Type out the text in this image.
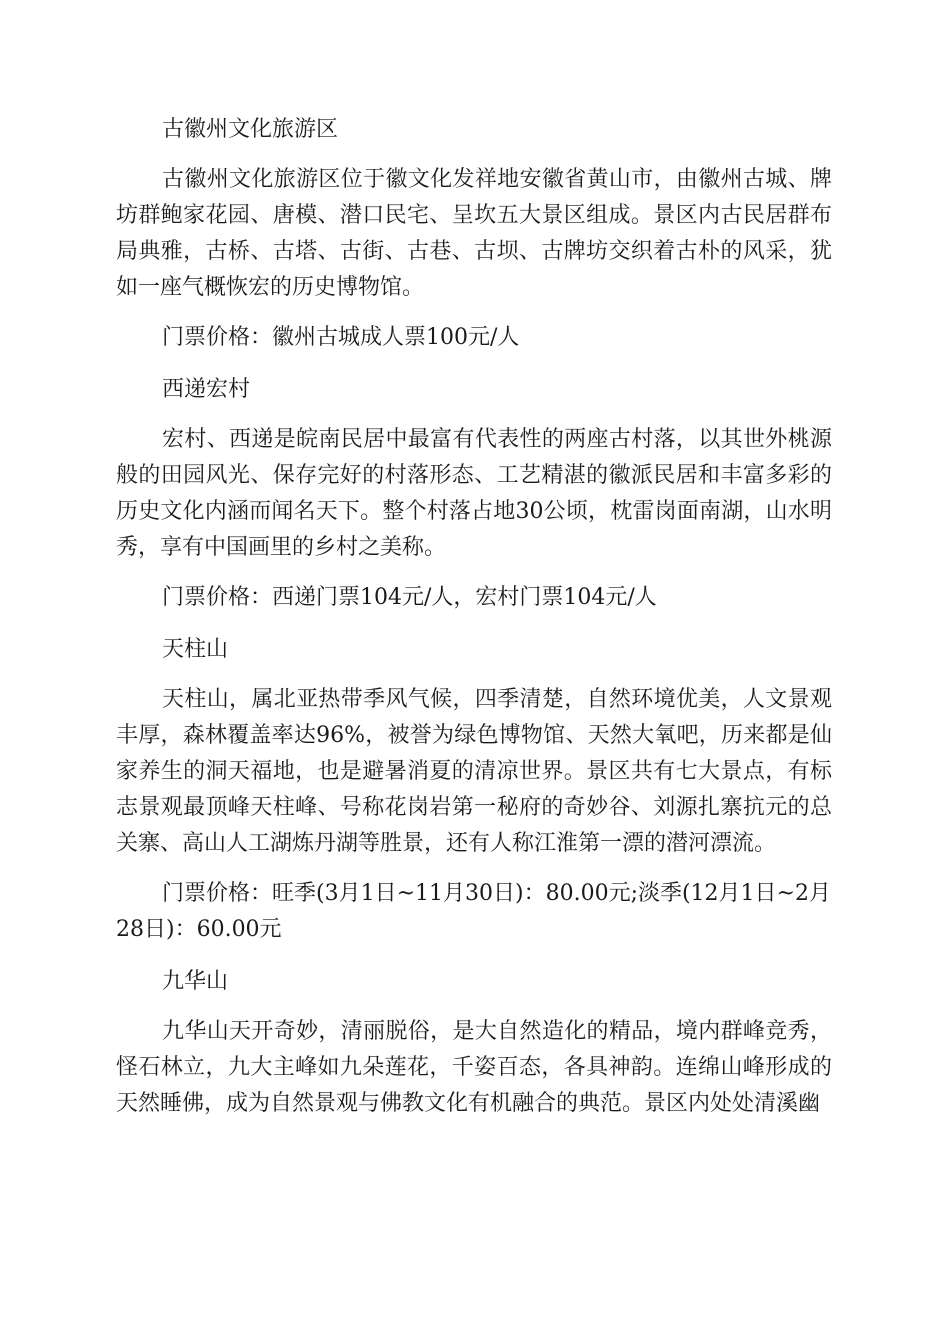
古徽州文化旅游区

古徽州文化旅游区位于徽文化发祥地安徽省黄山市，由徽州古城、牌坊群鲍家花园、唐模、潜口民宅、呈坎五大景区组成。景区内古民居群布局典雅，古桥、古塔、古街、古巷、古坝、古牌坊交织着古朴的风采，犹如一座气概恢宏的历史博物馆。

门票价格：徽州古城成人票100元/人

西递宏村

宏村、西递是皖南民居中最富有代表性的两座古村落，以其世外桃源般的田园风光、保存完好的村落形态、工艺精湛的徽派民居和丰富多彩的历史文化内涵而闻名天下。整个村落占地30公顷，枕雷岗面南湖，山水明秀，享有中国画里的乡村之美称。

门票价格：西递门票104元/人，宏村门票104元/人

天柱山

天柱山，属北亚热带季风气候，四季清楚，自然环境优美，人文景观丰厚，森林覆盖率达96%，被誉为绿色博物馆、天然大氧吧，历来都是仙家养生的洞天福地，也是避暑消夏的清凉世界。景区共有七大景点，有标志景观最顶峰天柱峰、号称花岗岩第一秘府的奇妙谷、刘源扎寨抗元的总关寨、高山人工湖炼丹湖等胜景，还有人称江淮第一漂的潜河漂流。

门票价格：旺季(3月1日~11月30日)：80.00元;淡季(12月1日~2月28日)：60.00元

九华山

九华山天开奇妙，清丽脱俗，是大自然造化的精品，境内群峰竞秀，怪石林立，九大主峰如九朵莲花，千姿百态，各具神韵。连绵山峰形成的天然睡佛，成为自然景观与佛教文化有机融合的典范。景区内处处清溪幽
